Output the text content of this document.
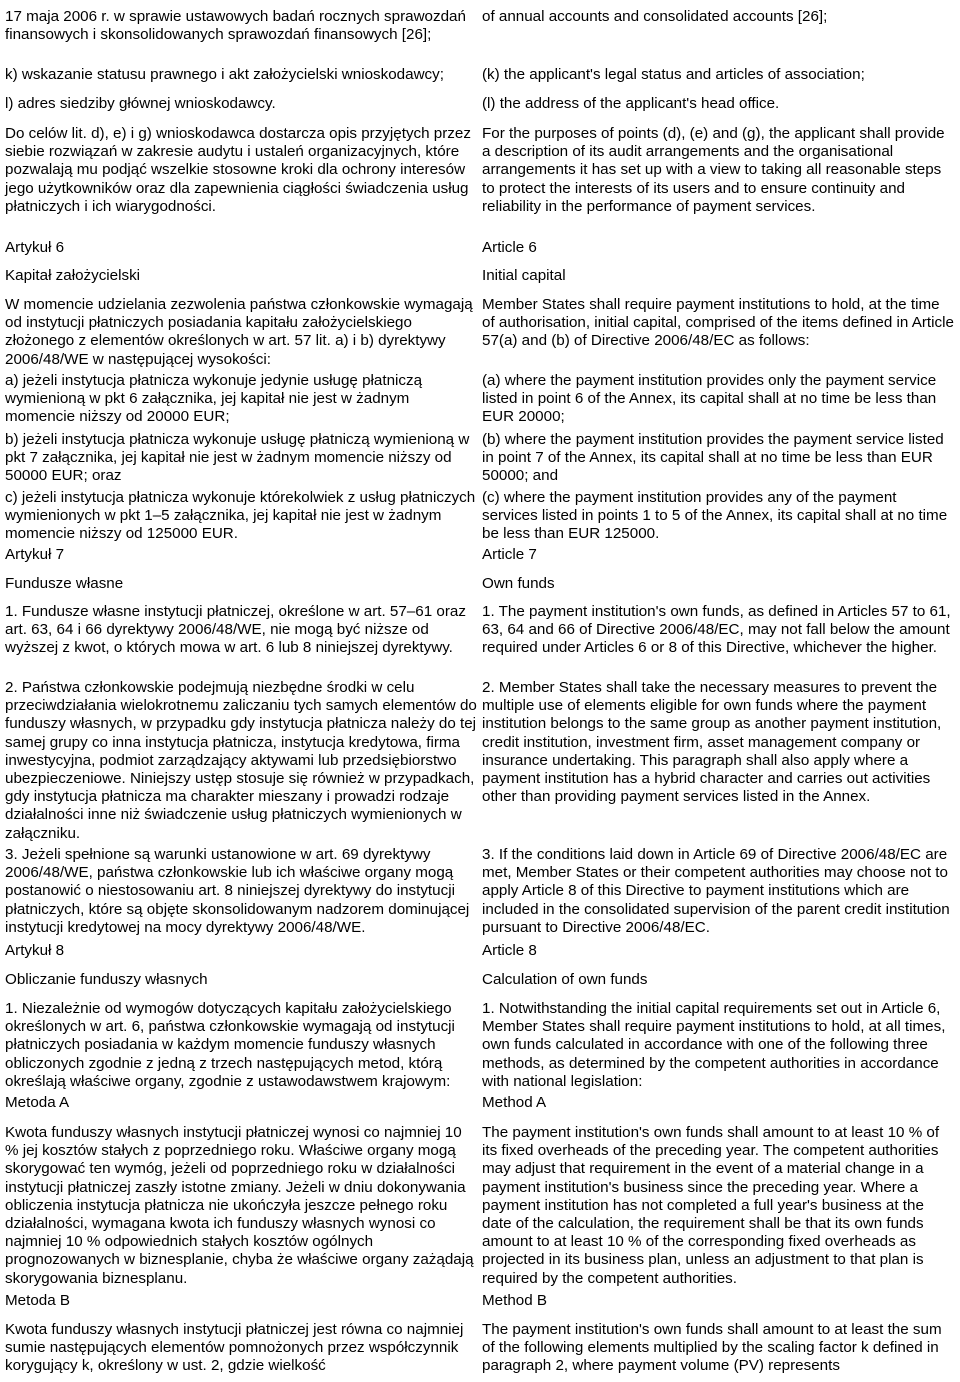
17 maja 2006 r. w sprawie ustawowych badań rocznych sprawozdań finansowych i skonsolidowanych sprawozdań finansowych [26];

k) wskazanie statusu prawnego i akt założycielski wnioskodawcy;

l) adres siedziby głównej wnioskodawcy.

Do celów lit. d), e) i g) wnioskodawca dostarcza opis przyjętych przez siebie rozwiązań w zakresie audytu i ustaleń organizacyjnych, które pozwalają mu podjąć wszelkie stosowne kroki dla ochrony interesów jego użytkowników oraz dla zapewnienia ciągłości świadczenia usług płatniczych i ich wiarygodności.

Artykuł 6

Kapitał założycielski

W momencie udzielania zezwolenia państwa członkowskie wymagają od instytucji płatniczych posiadania kapitału założycielskiego złożonego z elementów określonych w art. 57 lit. a) i b) dyrektywy 2006/48/WE w następującej wysokości:

a) jeżeli instytucja płatnicza wykonuje jedynie usługę płatniczą wymienioną w pkt 6 załącznika, jej kapitał nie jest w żadnym momencie niższy od 20000 EUR;

b) jeżeli instytucja płatnicza wykonuje usługę płatniczą wymienioną w pkt 7 załącznika, jej kapitał nie jest w żadnym momencie niższy od 50000 EUR; oraz

c) jeżeli instytucja płatnicza wykonuje którekolwiek z usług płatniczych wymienionych w pkt 1–5 załącznika, jej kapitał nie jest w żadnym momencie niższy od 125000 EUR.

Artykuł 7

Fundusze własne

1. Fundusze własne instytucji płatniczej, określone w art. 57–61 oraz art. 63, 64 i 66 dyrektywy 2006/48/WE, nie mogą być niższe od wyższej z kwot, o których mowa w art. 6 lub 8 niniejszej dyrektywy.

2. Państwa członkowskie podejmują niezbędne środki w celu przeciwdziałania wielokrotnemu zaliczaniu tych samych elementów do funduszy własnych, w przypadku gdy instytucja płatnicza należy do tej samej grupy co inna instytucja płatnicza, instytucja kredytowa, firma inwestycyjna, podmiot zarządzający aktywami lub przedsiębiorstwo ubezpieczeniowe. Niniejszy ustęp stosuje się również w przypadkach, gdy instytucja płatnicza ma charakter mieszany i prowadzi rodzaje działalności inne niż świadczenie usług płatniczych wymienionych w załączniku.

3. Jeżeli spełnione są warunki ustanowione w art. 69 dyrektywy 2006/48/WE, państwa członkowskie lub ich właściwe organy mogą postanowić o niestosowaniu art. 8 niniejszej dyrektywy do instytucji płatniczych, które są objęte skonsolidowanym nadzorem dominującej instytucji kredytowej na mocy dyrektywy 2006/48/WE.

Artykuł 8

Obliczanie funduszy własnych

1. Niezależnie od wymogów dotyczących kapitału założycielskiego określonych w art. 6, państwa członkowskie wymagają od instytucji płatniczych posiadania w każdym momencie funduszy własnych obliczonych zgodnie z jedną z trzech następujących metod, którą określają właściwe organy, zgodnie z ustawodawstwem krajowym:

Metoda A

Kwota funduszy własnych instytucji płatniczej wynosi co najmniej 10 % jej kosztów stałych z poprzedniego roku. Właściwe organy mogą skorygować ten wymóg, jeżeli od poprzedniego roku w działalności instytucji płatniczej zaszły istotne zmiany. Jeżeli w dniu dokonywania obliczenia instytucja płatnicza nie ukończyła jeszcze pełnego roku działalności, wymagana kwota ich funduszy własnych wynosi co najmniej 10 % odpowiednich stałych kosztów ogólnych prognozowanych w biznesplanie, chyba że właściwe organy zażądają skorygowania biznesplanu.

Metoda B

Kwota funduszy własnych instytucji płatniczej jest równa co najmniej sumie następujących elementów pomnożonych przez współczynnik korygujący k, określony w ust. 2, gdzie wielkość

of annual accounts and consolidated accounts [26];

(k) the applicant's legal status and articles of association;

(l) the address of the applicant's head office.

For the purposes of points (d), (e) and (g), the applicant shall provide a description of its audit arrangements and the organisational arrangements it has set up with a view to taking all reasonable steps to protect the interests of its users and to ensure continuity and reliability in the performance of payment services.

Article 6

Initial capital

Member States shall require payment institutions to hold, at the time of authorisation, initial capital, comprised of the items defined in Article 57(a) and (b) of Directive 2006/48/EC as follows:

(a) where the payment institution provides only the payment service listed in point 6 of the Annex, its capital shall at no time be less than EUR 20000;

(b) where the payment institution provides the payment service listed in point 7 of the Annex, its capital shall at no time be less than EUR 50000; and

(c) where the payment institution provides any of the payment services listed in points 1 to 5 of the Annex, its capital shall at no time be less than EUR 125000.

Article 7

Own funds

1. The payment institution's own funds, as defined in Articles 57 to 61, 63, 64 and 66 of Directive 2006/48/EC, may not fall below the amount required under Articles 6 or 8 of this Directive, whichever the higher.

2. Member States shall take the necessary measures to prevent the multiple use of elements eligible for own funds where the payment institution belongs to the same group as another payment institution, credit institution, investment firm, asset management company or insurance undertaking. This paragraph shall also apply where a payment institution has a hybrid character and carries out activities other than providing payment services listed in the Annex.

3. If the conditions laid down in Article 69 of Directive 2006/48/EC are met, Member States or their competent authorities may choose not to apply Article 8 of this Directive to payment institutions which are included in the consolidated supervision of the parent credit institution pursuant to Directive 2006/48/EC.

Article 8

Calculation of own funds

1. Notwithstanding the initial capital requirements set out in Article 6, Member States shall require payment institutions to hold, at all times, own funds calculated in accordance with one of the following three methods, as determined by the competent authorities in accordance with national legislation:

Method A

The payment institution's own funds shall amount to at least 10 % of its fixed overheads of the preceding year. The competent authorities may adjust that requirement in the event of a material change in a payment institution's business since the preceding year. Where a payment institution has not completed a full year's business at the date of the calculation, the requirement shall be that its own funds amount to at least 10 % of the corresponding fixed overheads as projected in its business plan, unless an adjustment to that plan is required by the competent authorities.

Method B

The payment institution's own funds shall amount to at least the sum of the following elements multiplied by the scaling factor k defined in paragraph 2, where payment volume (PV) represents
